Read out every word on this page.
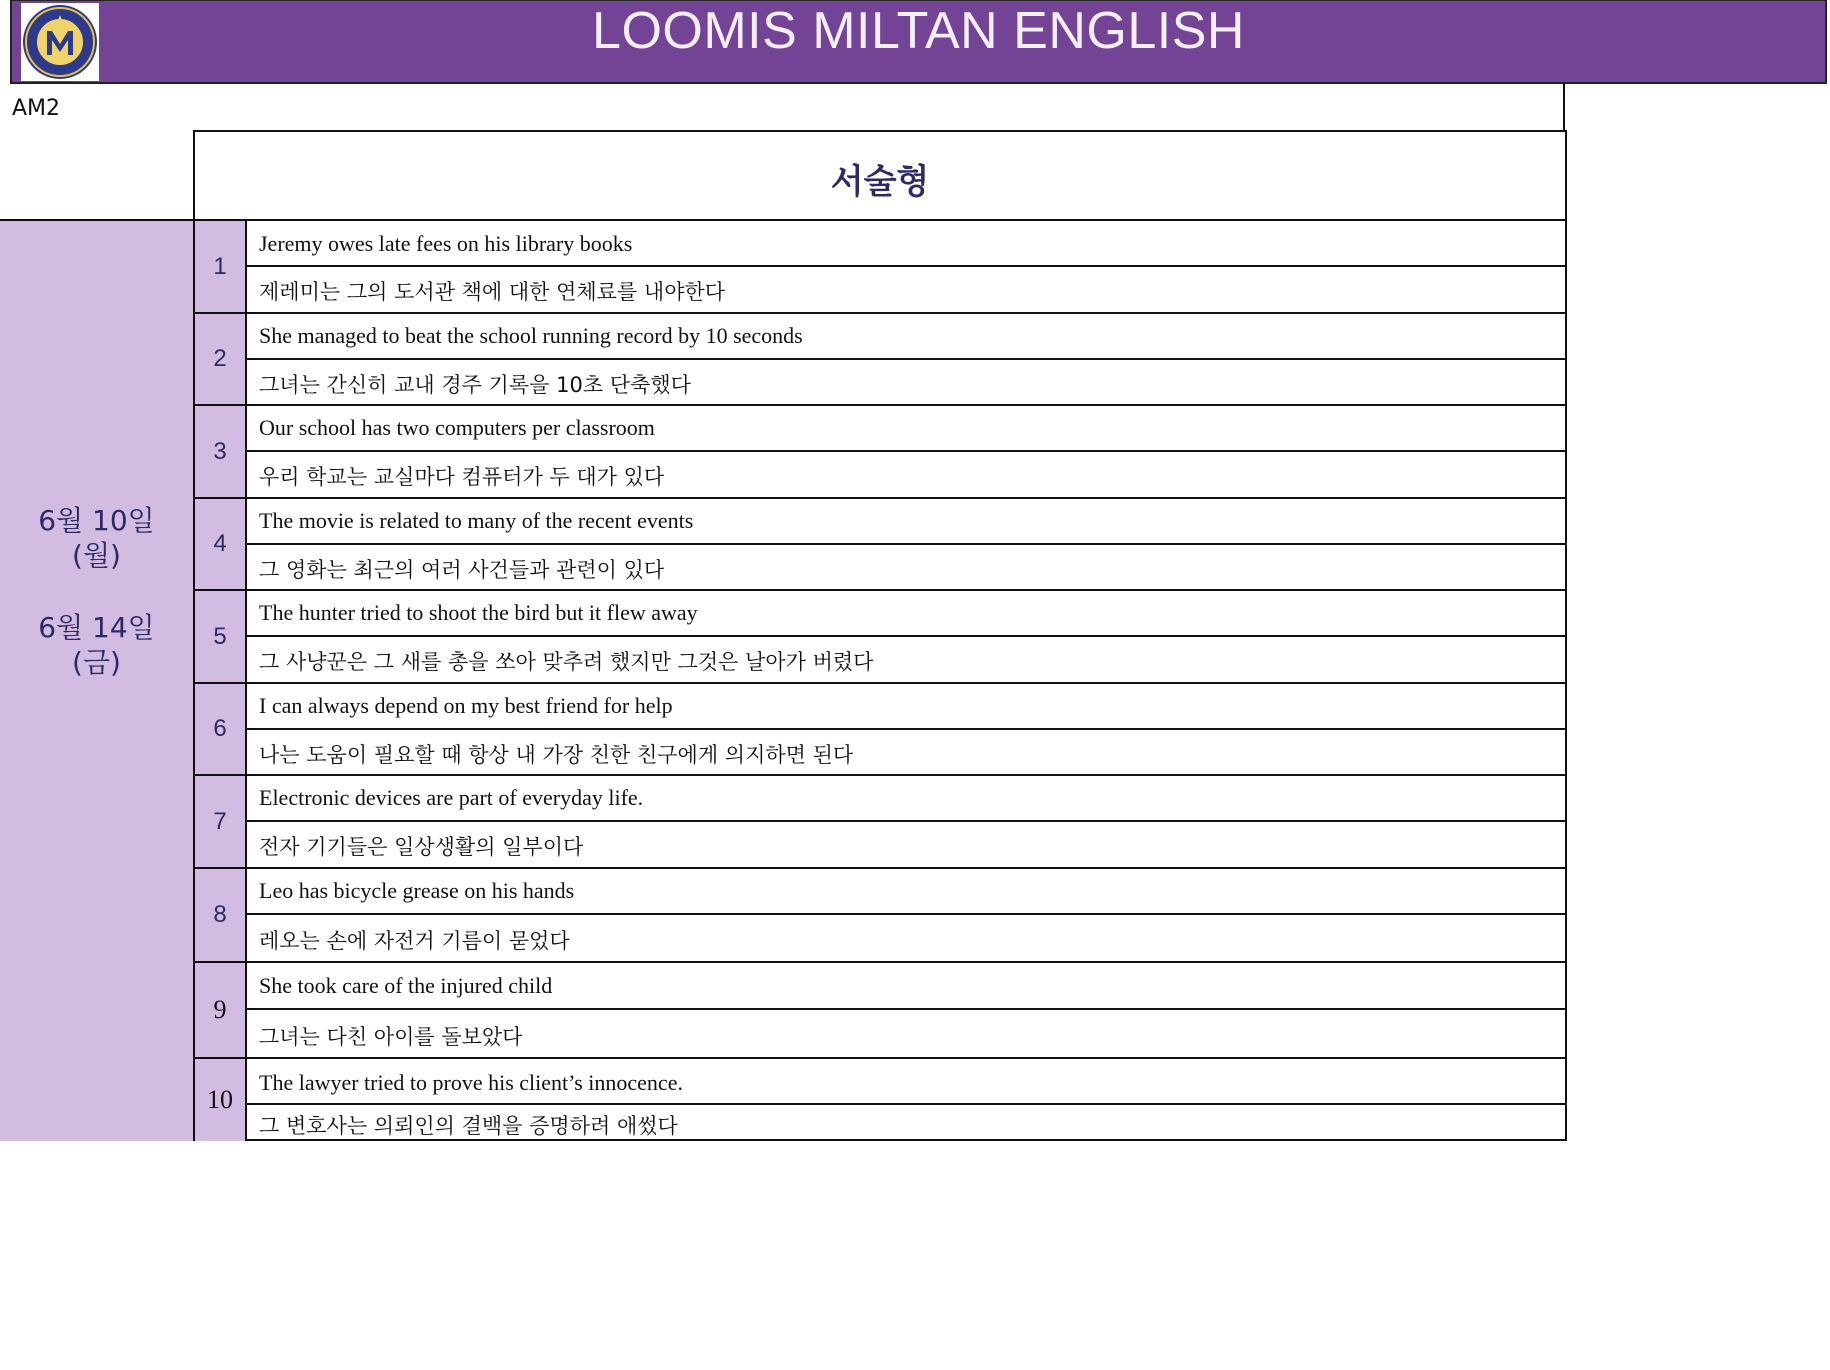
LOOMIS MILTAN ENGLISH
AM2
서술형
6월 10일
(월)
6월 14일
(금)
1
Jeremy owes late fees on his library books
제레미는 그의 도서관 책에 대한 연체료를 내야한다
2
She managed to beat the school running record by 10 seconds
그녀는 간신히 교내 경주 기록을 10초 단축했다
3
Our school has two computers per classroom
우리 학교는 교실마다 컴퓨터가 두 대가 있다
4
The movie is related to many of the recent events
그 영화는 최근의 여러 사건들과 관련이 있다
5
The hunter tried to shoot the bird but it flew away
그 사냥꾼은 그 새를 총을 쏘아 맞추려 했지만 그것은 날아가 버렸다
6
I can always depend on my best friend for help
나는 도움이 필요할 때 항상 내 가장 친한 친구에게 의지하면 된다
7
Electronic devices are part of everyday life.
전자 기기들은 일상생활의 일부이다
8
Leo has bicycle grease on his hands
레오는 손에 자전거 기름이 묻었다
9
She took care of the injured child
그녀는 다친 아이를 돌보았다
10
The lawyer tried to prove his client’s innocence.
그 변호사는 의뢰인의 결백을 증명하려 애썼다
